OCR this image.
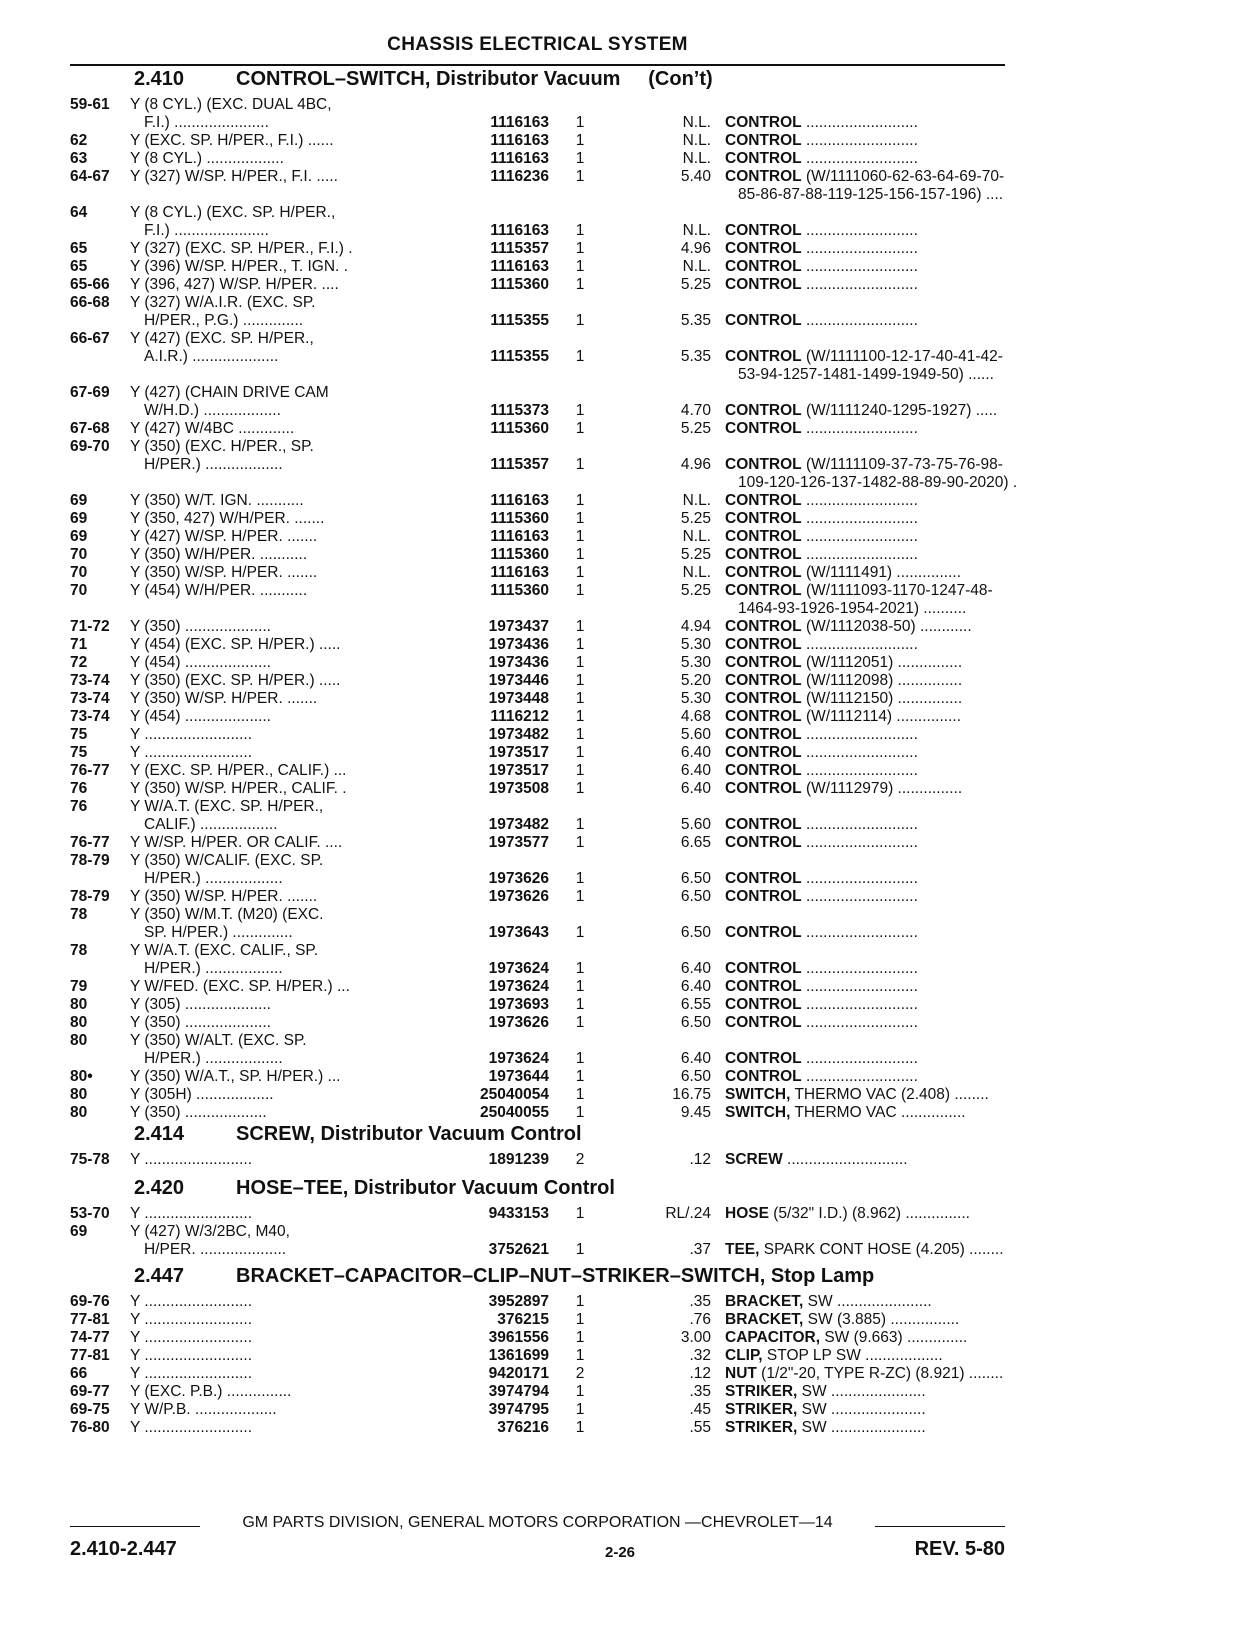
CHASSIS ELECTRICAL SYSTEM
2.410	CONTROL–SWITCH, Distributor Vacuum     (Con’t)
59-61 Y (8 CYL.) (EXC. DUAL 4BC,
F.I.) ......................	1116163	1	N.L. CONTROL ..........................
62	Y (EXC. SP. H/PER., F.I.) ......	1116163	1	N.L. CONTROL ..........................
63	Y (8 CYL.) ..................	1116163	1	N.L. CONTROL ..........................
64-67 Y (327) W/SP. H/PER., F.I. .....	1116236	1	5.40 CONTROL (W/1111060-62-63-64-69-70-
85-86-87-88-119-125-156-157-196) ....
64	Y (8 CYL.) (EXC. SP. H/PER.,
F.I.) ......................	1116163	1	N.L. CONTROL ..........................
65	Y (327) (EXC. SP. H/PER., F.I.) .	1115357	1	4.96 CONTROL ..........................
65	Y (396) W/SP. H/PER., T. IGN. .	1116163	1	N.L. CONTROL ..........................
65-66 Y (396, 427) W/SP. H/PER. ....	1115360	1	5.25 CONTROL ..........................
66-68 Y (327) W/A.I.R. (EXC. SP.
H/PER., P.G.) ..............	1115355	1	5.35 CONTROL ..........................
66-67 Y (427) (EXC. SP. H/PER.,
A.I.R.) ....................	1115355	1	5.35 CONTROL (W/1111100-12-17-40-41-42-
53-94-1257-1481-1499-1949-50) ......
67-69 Y (427) (CHAIN DRIVE CAM
W/H.D.) ..................	1115373	1	4.70 CONTROL (W/1111240-1295-1927) .....
67-68 Y (427) W/4BC .............	1115360	1	5.25 CONTROL ..........................
69-70 Y (350) (EXC. H/PER., SP.
H/PER.) ..................	1115357	1	4.96 CONTROL (W/1111109-37-73-75-76-98-
109-120-126-137-1482-88-89-90-2020) .
69	Y (350) W/T. IGN. ...........	1116163	1	N.L. CONTROL ..........................
69	Y (350, 427) W/H/PER. .......	1115360	1	5.25 CONTROL ..........................
69	Y (427) W/SP. H/PER. .......	1116163	1	N.L. CONTROL ..........................
70	Y (350) W/H/PER. ...........	1115360	1	5.25 CONTROL ..........................
70	Y (350) W/SP. H/PER. .......	1116163	1	N.L. CONTROL (W/1111491) ...............
70	Y (454) W/H/PER. ...........	1115360	1	5.25 CONTROL (W/1111093-1170-1247-48-
1464-93-1926-1954-2021) ..........
71-72 Y (350) ....................	1973437	1	4.94 CONTROL (W/1112038-50) ............
71	Y (454) (EXC. SP. H/PER.) .....	1973436	1	5.30 CONTROL ..........................
72	Y (454) ....................	1973436	1	5.30 CONTROL (W/1112051) ...............
73-74 Y (350) (EXC. SP. H/PER.) .....	1973446	1	5.20 CONTROL (W/1112098) ...............
73-74 Y (350) W/SP. H/PER. .......	1973448	1	5.30 CONTROL (W/1112150) ...............
73-74 Y (454) ....................	1116212	1	4.68 CONTROL (W/1112114) ...............
75	Y .........................	1973482	1	5.60 CONTROL ..........................
75	Y .........................	1973517	1	6.40 CONTROL ..........................
76-77 Y (EXC. SP. H/PER., CALIF.) ...	1973517	1	6.40 CONTROL ..........................
76	Y (350) W/SP. H/PER., CALIF. .	1973508	1	6.40 CONTROL (W/1112979) ...............
76	Y W/A.T. (EXC. SP. H/PER.,
CALIF.) ..................	1973482	1	5.60 CONTROL ..........................
76-77 Y W/SP. H/PER. OR CALIF. ....	1973577	1	6.65 CONTROL ..........................
78-79 Y (350) W/CALIF. (EXC. SP.
H/PER.) ..................	1973626	1	6.50 CONTROL ..........................
78-79 Y (350) W/SP. H/PER. .......	1973626	1	6.50 CONTROL ..........................
78	Y (350) W/M.T. (M20) (EXC.
SP. H/PER.) ..............	1973643	1	6.50 CONTROL ..........................
78	Y W/A.T. (EXC. CALIF., SP.
H/PER.) ..................	1973624	1	6.40 CONTROL ..........................
79	Y W/FED. (EXC. SP. H/PER.) ...	1973624	1	6.40 CONTROL ..........................
80	Y (305) ....................	1973693	1	6.55 CONTROL ..........................
80	Y (350) ....................	1973626	1	6.50 CONTROL ..........................
80	Y (350) W/ALT. (EXC. SP.
H/PER.) ..................	1973624	1	6.40 CONTROL ..........................
80• Y (350) W/A.T., SP. H/PER.) ...	1973644	1	6.50 CONTROL ..........................
80	Y (305H) ..................	25040054	1	16.75 SWITCH, THERMO VAC (2.408) ........
80	Y (350) ...................	25040055	1	9.45 SWITCH, THERMO VAC ...............
2.414	SCREW, Distributor Vacuum Control
75-78 Y .........................	1891239	2	.12 SCREW ............................
2.420	HOSE–TEE, Distributor Vacuum Control
53-70 Y .........................	9433153	1	RL/.24 HOSE (5/32" I.D.) (8.962) ...............
69	Y (427) W/3/2BC, M40,
H/PER. ....................	3752621	1	.37 TEE, SPARK CONT HOSE (4.205) ........
2.447	BRACKET–CAPACITOR–CLIP–NUT–STRIKER–SWITCH, Stop Lamp
69-76 Y .........................	3952897	1	.35 BRACKET, SW ......................
77-81 Y .........................	376215	1	.76 BRACKET, SW (3.885) ................
74-77 Y .........................	3961556	1	3.00 CAPACITOR, SW (9.663) ..............
77-81 Y .........................	1361699	1	.32 CLIP, STOP LP SW ..................
66	Y .........................	9420171	2	.12 NUT (1/2"-20, TYPE R-ZC) (8.921) ........
69-77 Y (EXC. P.B.) ...............	3974794	1	.35 STRIKER, SW ......................
69-75 Y W/P.B. ...................	3974795	1	.45 STRIKER, SW ......................
76-80 Y .........................	376216	1	.55 STRIKER, SW ......................
GM PARTS DIVISION, GENERAL MOTORS CORPORATION —CHEVROLET—14
2.410-2.447	2-26	REV. 5-80
